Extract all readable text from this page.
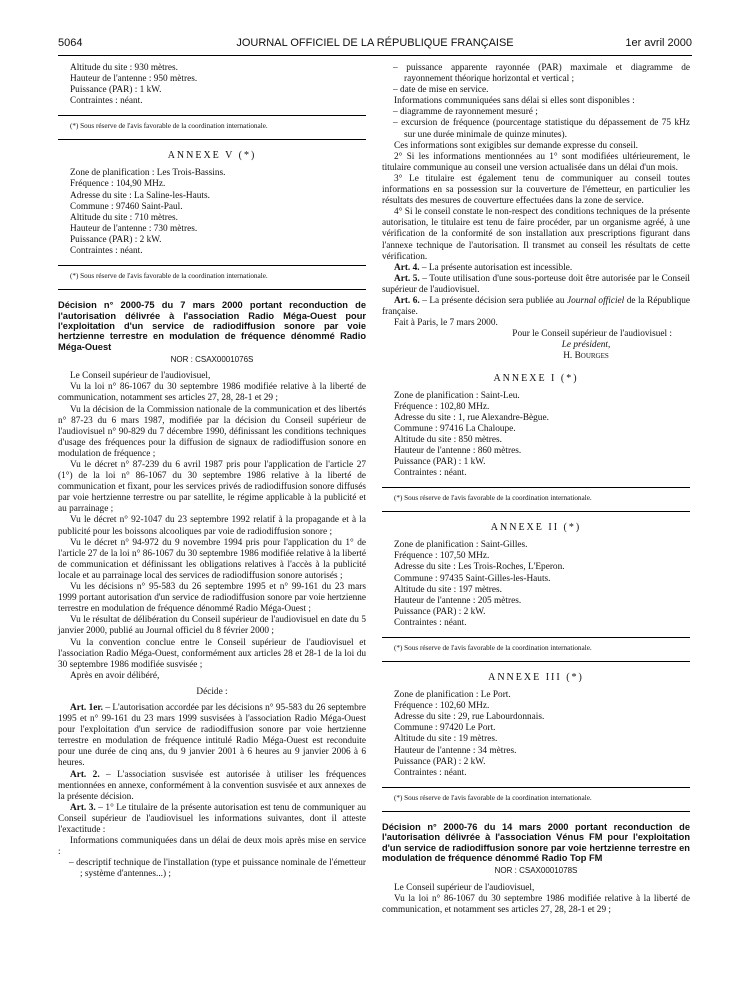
5064	JOURNAL OFFICIEL DE LA RÉPUBLIQUE FRANÇAISE	1er avril 2000

Altitude du site : 930 mètres.

Hauteur de l'antenne : 950 mètres.

Puissance (PAR) : 1 kW.

Contraintes : néant.

(*) Sous réserve de l'avis favorable de la coordination internationale.

ANNEXE V (*)

Zone de planification : Les Trois-Bassins.

Fréquence : 104,90 MHz.

Adresse du site : La Saline-les-Hauts.

Commune : 97460 Saint-Paul.

Altitude du site : 710 mètres.

Hauteur de l'antenne : 730 mètres.

Puissance (PAR) : 2 kW.

Contraintes : néant.

(*) Sous réserve de l'avis favorable de la coordination internationale.

Décision n° 2000-75 du 7 mars 2000 portant reconduction de l'autorisation délivrée à l'association Radio Méga-Ouest pour l'exploitation d'un service de radiodiffusion sonore par voie hertzienne terrestre en modulation de fréquence dénommé Radio Méga-Ouest

NOR : CSAX0001076S

Le Conseil supérieur de l'audiovisuel,

Vu la loi n° 86-1067 du 30 septembre 1986 modifiée relative à la liberté de communication, notamment ses articles 27, 28, 28-1 et 29 ;

Vu la décision de la Commission nationale de la communication et des libertés n° 87-23 du 6 mars 1987, modifiée par la décision du Conseil supérieur de l'audiovisuel n° 90-829 du 7 décembre 1990, définissant les conditions techniques d'usage des fréquences pour la diffusion de signaux de radiodiffusion sonore en modulation de fréquence ;

Vu le décret n° 87-239 du 6 avril 1987 pris pour l'application de l'article 27 (1°) de la loi n° 86-1067 du 30 septembre 1986 relative à la liberté de communication et fixant, pour les services privés de radiodiffusion sonore diffusés par voie hertzienne terrestre ou par satellite, le régime applicable à la publicité et au parrainage ;

Vu le décret n° 92-1047 du 23 septembre 1992 relatif à la propagande et à la publicité pour les boissons alcooliques par voie de radiodiffusion sonore ;

Vu le décret n° 94-972 du 9 novembre 1994 pris pour l'application du 1° de l'article 27 de la loi n° 86-1067 du 30 septembre 1986 modifiée relative à la liberté de communication et définissant les obligations relatives à l'accès à la publicité locale et au parrainage local des services de radiodiffusion sonore autorisés ;

Vu les décisions n° 95-583 du 26 septembre 1995 et n° 99-161 du 23 mars 1999 portant autorisation d'un service de radiodiffusion sonore par voie hertzienne terrestre en modulation de fréquence dénommé Radio Méga-Ouest ;

Vu le résultat de délibération du Conseil supérieur de l'audiovisuel en date du 5 janvier 2000, publié au Journal officiel du 8 février 2000 ;

Vu la convention conclue entre le Conseil supérieur de l'audiovisuel et l'association Radio Méga-Ouest, conformément aux articles 28 et 28-1 de la loi du 30 septembre 1986 modifiée susvisée ;

Après en avoir délibéré,

Décide :

Art. 1er. – L'autorisation accordée par les décisions n° 95-583 du 26 septembre 1995 et n° 99-161 du 23 mars 1999 susvisées à l'association Radio Méga-Ouest pour l'exploitation d'un service de radiodiffusion sonore par voie hertzienne terrestre en modulation de fréquence intitulé Radio Méga-Ouest est reconduite pour une durée de cinq ans, du 9 janvier 2001 à 6 heures au 9 janvier 2006 à 6 heures.

Art. 2. – L'association susvisée est autorisée à utiliser les fréquences mentionnées en annexe, conformément à la convention susvisée et aux annexes de la présente décision.

Art. 3. – 1° Le titulaire de la présente autorisation est tenu de communiquer au Conseil supérieur de l'audiovisuel les informations suivantes, dont il atteste l'exactitude :

Informations communiquées dans un délai de deux mois après mise en service :

– descriptif technique de l'installation (type et puissance nominale de l'émetteur ; système d'antennes...) ;

– puissance apparente rayonnée (PAR) maximale et diagramme de rayonnement théorique horizontal et vertical ;

– date de mise en service.

Informations communiquées sans délai si elles sont disponibles :

– diagramme de rayonnement mesuré ;

– excursion de fréquence (pourcentage statistique du dépassement de 75 kHz sur une durée minimale de quinze minutes).

Ces informations sont exigibles sur demande expresse du conseil.

2° Si les informations mentionnées au 1° sont modifiées ultérieurement, le titulaire communique au conseil une version actualisée dans un délai d'un mois.

3° Le titulaire est également tenu de communiquer au conseil toutes informations en sa possession sur la couverture de l'émetteur, en particulier les résultats des mesures de couverture effectuées dans la zone de service.

4° Si le conseil constate le non-respect des conditions techniques de la présente autorisation, le titulaire est tenu de faire procéder, par un organisme agréé, à une vérification de la conformité de son installation aux prescriptions figurant dans l'annexe technique de l'autorisation. Il transmet au conseil les résultats de cette vérification.

Art. 4. – La présente autorisation est incessible.

Art. 5. – Toute utilisation d'une sous-porteuse doit être autorisée par le Conseil supérieur de l'audiovisuel.

Art. 6. – La présente décision sera publiée au Journal officiel de la République française.

Fait à Paris, le 7 mars 2000.

Pour le Conseil supérieur de l'audiovisuel :

Le président,

H. Bourges

ANNEXE I (*)

Zone de planification : Saint-Leu.

Fréquence : 102,80 MHz.

Adresse du site : 1, rue Alexandre-Bègue.

Commune : 97416 La Chaloupe.

Altitude du site : 850 mètres.

Hauteur de l'antenne : 860 mètres.

Puissance (PAR) : 1 kW.

Contraintes : néant.

(*) Sous réserve de l'avis favorable de la coordination internationale.

ANNEXE II (*)

Zone de planification : Saint-Gilles.

Fréquence : 107,50 MHz.

Adresse du site : Les Trois-Roches, L'Eperon.

Commune : 97435 Saint-Gilles-les-Hauts.

Altitude du site : 197 mètres.

Hauteur de l'antenne : 205 mètres.

Puissance (PAR) : 2 kW.

Contraintes : néant.

(*) Sous réserve de l'avis favorable de la coordination internationale.

ANNEXE III (*)

Zone de planification : Le Port.

Fréquence : 102,60 MHz.

Adresse du site : 29, rue Labourdonnais.

Commune : 97420 Le Port.

Altitude du site : 19 mètres.

Hauteur de l'antenne : 34 mètres.

Puissance (PAR) : 2 kW.

Contraintes : néant.

(*) Sous réserve de l'avis favorable de la coordination internationale.

Décision n° 2000-76 du 14 mars 2000 portant reconduction de l'autorisation délivrée à l'association Vénus FM pour l'exploitation d'un service de radiodiffusion sonore par voie hertzienne terrestre en modulation de fréquence dénommé Radio Top FM

NOR : CSAX0001078S

Le Conseil supérieur de l'audiovisuel,

Vu la loi n° 86-1067 du 30 septembre 1986 modifiée relative à la liberté de communication, et notamment ses articles 27, 28, 28-1 et 29 ;
